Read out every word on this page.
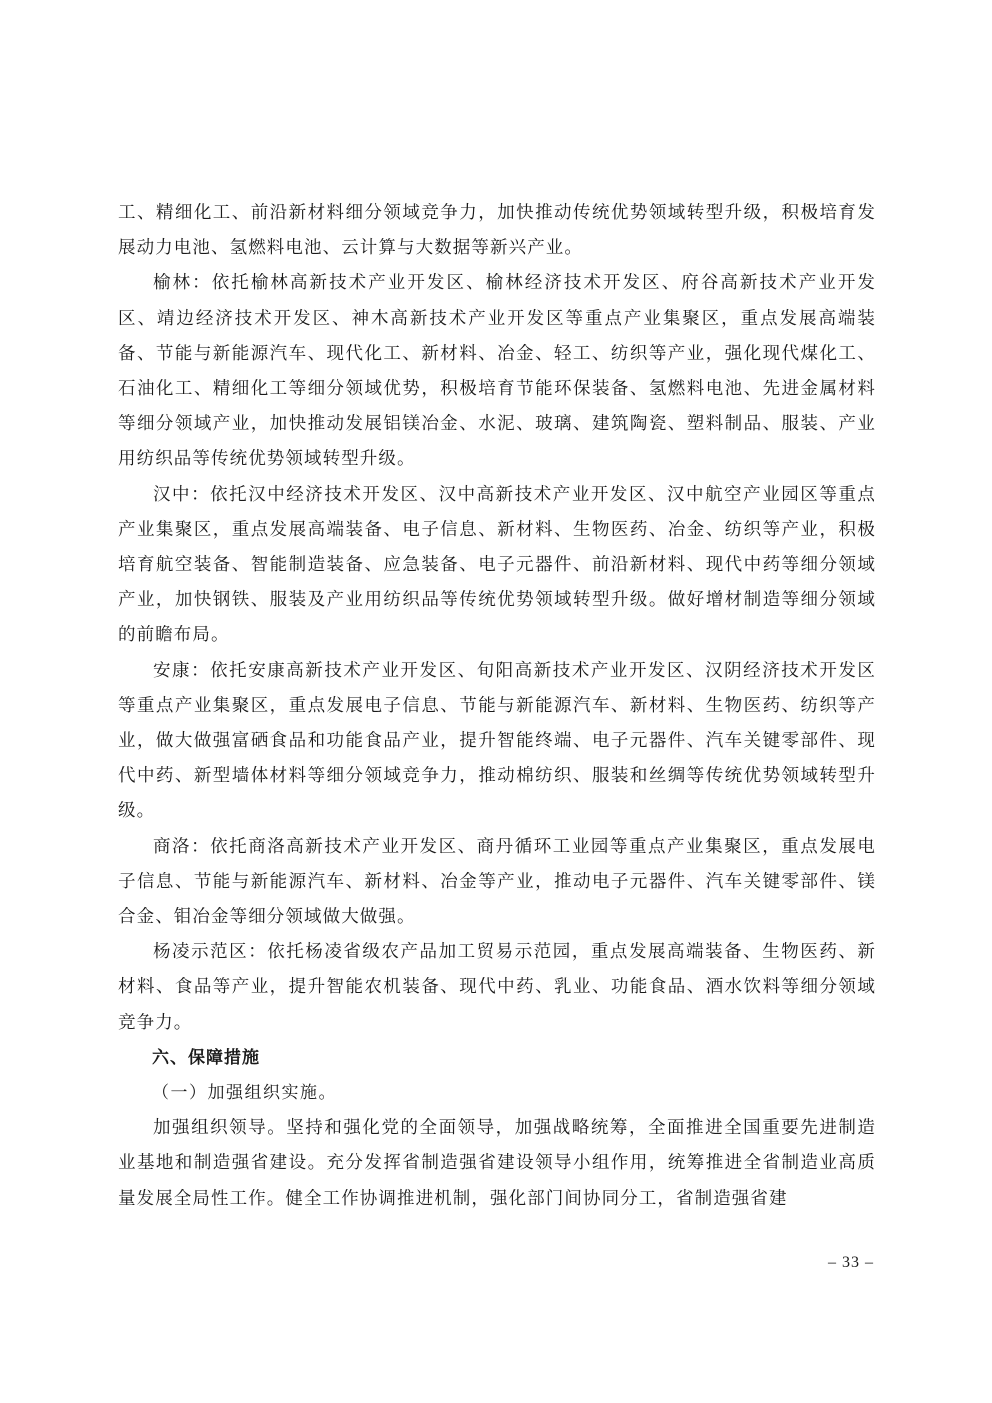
工、精细化工、前沿新材料细分领域竞争力，加快推动传统优势领域转型升级，积极培育发展动力电池、氢燃料电池、云计算与大数据等新兴产业。

榆林：依托榆林高新技术产业开发区、榆林经济技术开发区、府谷高新技术产业开发区、靖边经济技术开发区、神木高新技术产业开发区等重点产业集聚区，重点发展高端装备、节能与新能源汽车、现代化工、新材料、冶金、轻工、纺织等产业，强化现代煤化工、石油化工、精细化工等细分领域优势，积极培育节能环保装备、氢燃料电池、先进金属材料等细分领域产业，加快推动发展铝镁冶金、水泥、玻璃、建筑陶瓷、塑料制品、服装、产业用纺织品等传统优势领域转型升级。

汉中：依托汉中经济技术开发区、汉中高新技术产业开发区、汉中航空产业园区等重点产业集聚区，重点发展高端装备、电子信息、新材料、生物医药、冶金、纺织等产业，积极培育航空装备、智能制造装备、应急装备、电子元器件、前沿新材料、现代中药等细分领域产业，加快钢铁、服装及产业用纺织品等传统优势领域转型升级。做好增材制造等细分领域的前瞻布局。

安康：依托安康高新技术产业开发区、旬阳高新技术产业开发区、汉阴经济技术开发区等重点产业集聚区，重点发展电子信息、节能与新能源汽车、新材料、生物医药、纺织等产业，做大做强富硒食品和功能食品产业，提升智能终端、电子元器件、汽车关键零部件、现代中药、新型墙体材料等细分领域竞争力，推动棉纺织、服装和丝绸等传统优势领域转型升级。

商洛：依托商洛高新技术产业开发区、商丹循环工业园等重点产业集聚区，重点发展电子信息、节能与新能源汽车、新材料、冶金等产业，推动电子元器件、汽车关键零部件、镁合金、钼冶金等细分领域做大做强。

杨凌示范区：依托杨凌省级农产品加工贸易示范园，重点发展高端装备、生物医药、新材料、食品等产业，提升智能农机装备、现代中药、乳业、功能食品、酒水饮料等细分领域竞争力。

六、保障措施
（一）加强组织实施。

加强组织领导。坚持和强化党的全面领导，加强战略统筹，全面推进全国重要先进制造业基地和制造强省建设。充分发挥省制造强省建设领导小组作用，统筹推进全省制造业高质量发展全局性工作。健全工作协调推进机制，强化部门间协同分工，省制造强省建

– 33 –
